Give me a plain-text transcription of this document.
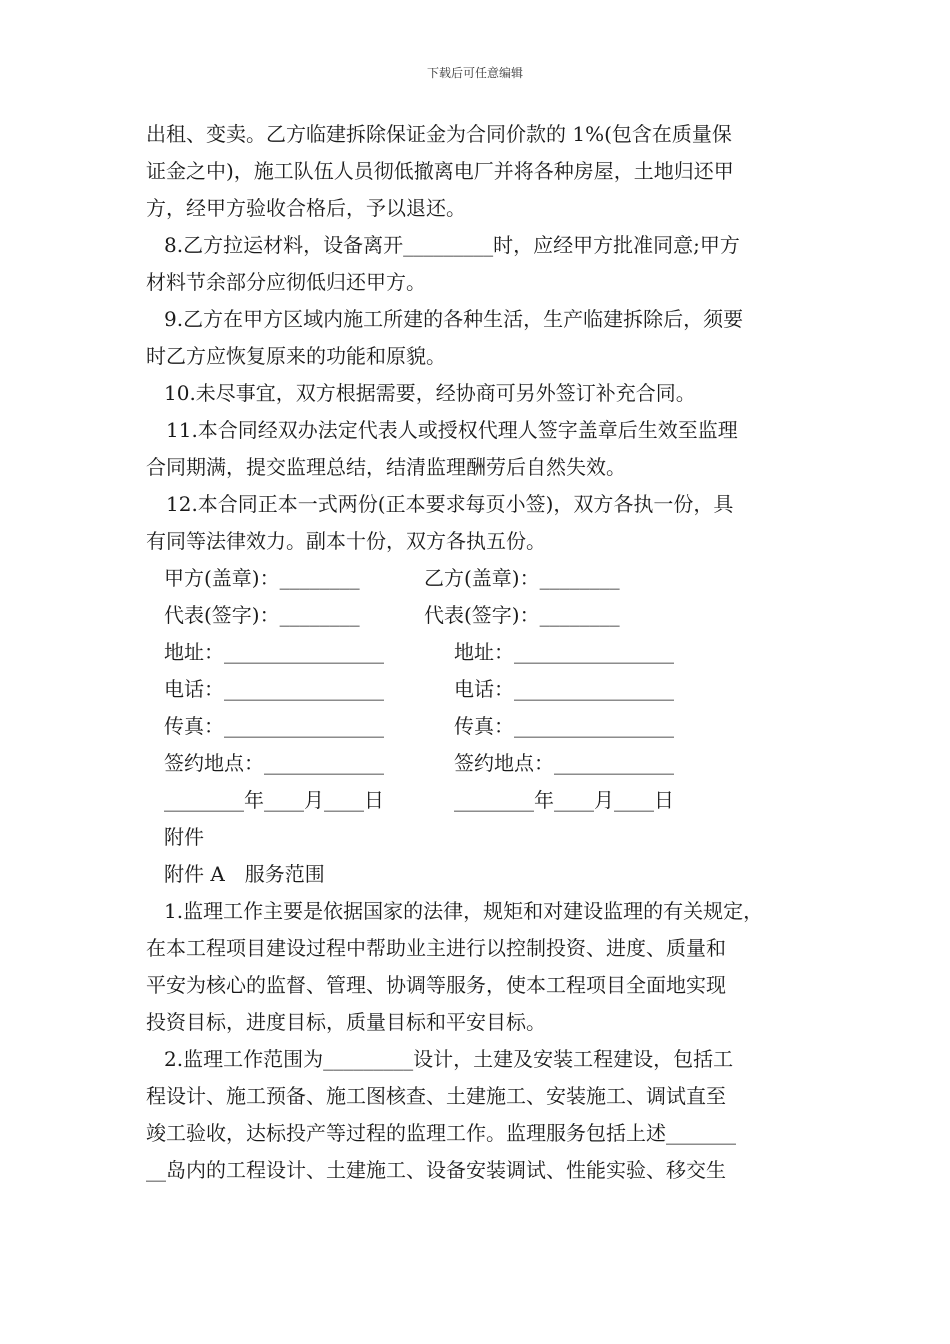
下载后可任意编辑
出租、变卖。乙方临建拆除保证金为合同价款的 1%(包含在质量保
证金之中)，施工队伍人员彻低撤离电厂并将各种房屋，土地归还甲
方，经甲方验收合格后，予以退还。
8.乙方拉运材料，设备离开_________时，应经甲方批准同意;甲方
材料节余部分应彻低归还甲方。
9.乙方在甲方区域内施工所建的各种生活，生产临建拆除后，须要
时乙方应恢复原来的功能和原貌。
10.未尽事宜，双方根据需要，经协商可另外签订补充合同。
11.本合同经双办法定代表人或授权代理人签字盖章后生效至监理
合同期满，提交监理总结，结清监理酬劳后自然失效。
12.本合同正本一式两份(正本要求每页小签)，双方各执一份，具
有同等法律效力。副本十份，双方各执五份。
甲方(盖章)：________	乙方(盖章)：________
代表(签字)：________	代表(签字)：________
地址：________________	地址：________________
电话：________________	电话：________________
传真：________________	传真：________________
签约地点：____________	签约地点：____________
________年____月____日	________年____月____日
附件
附件 A　服务范围
1.监理工作主要是依据国家的法律，规矩和对建设监理的有关规定，
在本工程项目建设过程中帮助业主进行以控制投资、进度、质量和
平安为核心的监督、管理、协调等服务，使本工程项目全面地实现
投资目标，进度目标，质量目标和平安目标。
2.监理工作范围为_________设计，土建及安装工程建设，包括工
程设计、施工预备、施工图核查、土建施工、安装施工、调试直至
竣工验收，达标投产等过程的监理工作。监理服务包括上述_______
__岛内的工程设计、土建施工、设备安装调试、性能实验、移交生
